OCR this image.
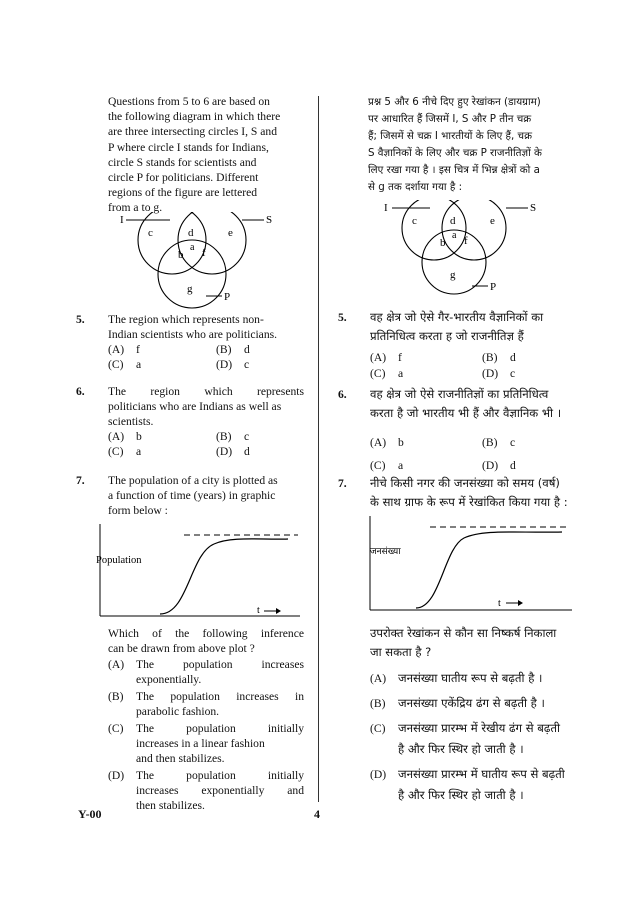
Questions from 5 to 6 are based on
the following diagram in which there
are three intersecting circles I, S and
P where circle I stands for Indians,
circle S stands for scientists and
circle P for politicians. Different
regions of the figure are lettered
from a to g.
I	S
P
c	d	e
a
b f
g
5. The region which represents non-
Indian scientists who are politicians.
(A) f	(B) d
(C) a	(D) c
6. The region which represents
politicians who are Indians as well as
scientists.
(A) b	(B) c
(C) a	(D) d
7. The population of a city is plotted as
a function of time (years) in graphic
form below :
Population
t
Which of the following inference
can be drawn from above plot ?
(A) The population increases
exponentially.
(B) The population increases in
parabolic fashion.
(C) The population initially
increases in a linear fashion
and then stabilizes.
(D) The population initially
increases exponentially and
then stabilizes.
प्रश्न 5 और 6 नीचे दिए हुए रेखांकन (डायग्राम)
पर आधारित हैं जिसमें I, S और P तीन चक्र
हैं; जिसमें से चक्र I भारतीयों के लिए हैं, चक्र
S वैज्ञानिकों के लिए और चक्र P राजनीतिज्ञों के
लिए रखा गया है । इस चित्र में भिन्न क्षेत्रों को a
से g तक दर्शाया गया है :
I	S
P
c	d	e
a
b f
g
5. वह क्षेत्र जो ऐसे गैर-भारतीय वैज्ञानिकों का
प्रतिनिधित्व करता ह जो राजनीतिज्ञ हैं
(A) f	(B) d
(C) a	(D) c
6. वह क्षेत्र जो ऐसे राजनीतिज्ञों का प्रतिनिधित्व
करता है जो भारतीय भी हैं और वैज्ञानिक भी ।
(A) b	(B) c
(C) a	(D) d
7. नीचे किसी नगर की जनसंख्या को समय (वर्ष)
के साथ ग्राफ के रूप में रेखांकित किया गया है :
जनसंख्या
t
उपरोक्त रेखांकन से कौन सा निष्कर्ष निकाला
जा सकता है ?
(A) जनसंख्या घातीय रूप से बढ़ती है ।
(B) जनसंख्या एकेंद्रिय ढंग से बढ़ती है ।
(C) जनसंख्या प्रारम्भ में रेखीय ढंग से बढ़ती
है और फिर स्थिर हो जाती है ।
(D) जनसंख्या प्रारम्भ में घातीय रूप से बढ़ती
है और फिर स्थिर हो जाती है ।
Y-00	4
